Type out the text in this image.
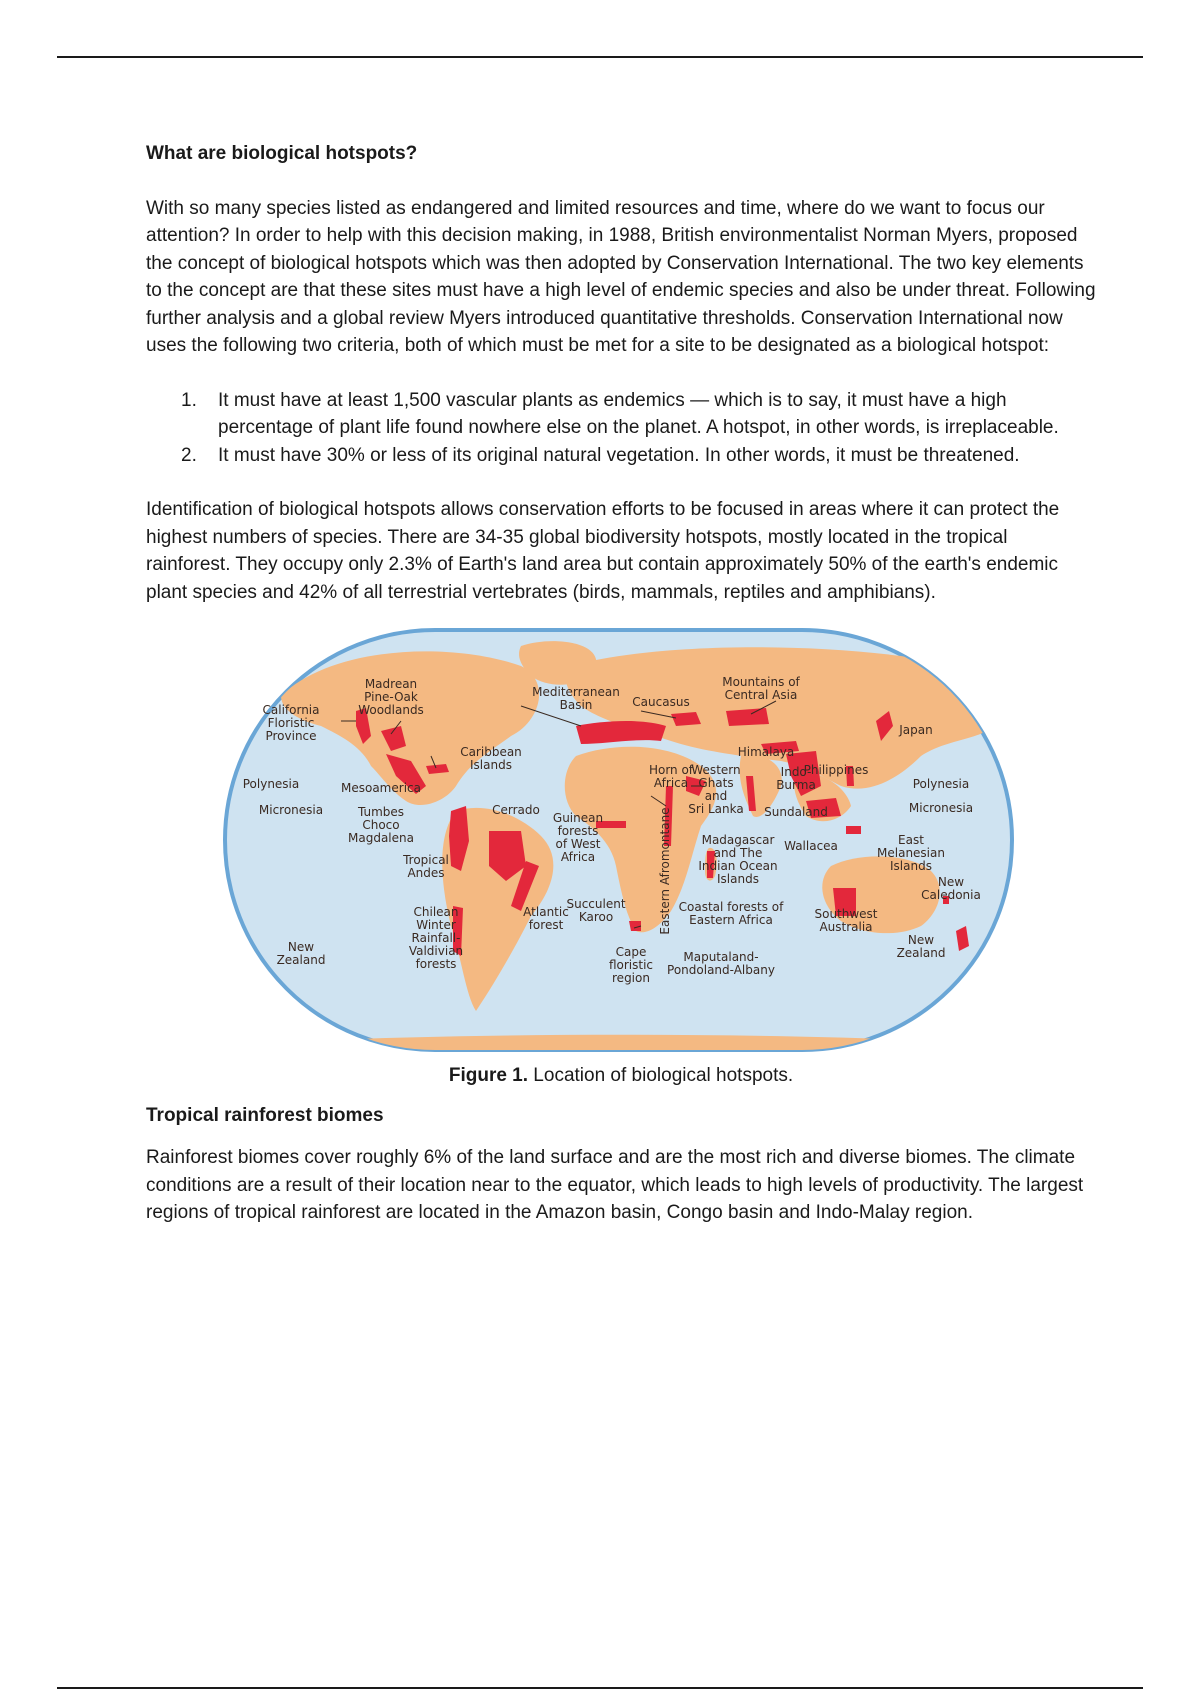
What are biological hotspots?

With so many species listed as endangered and limited resources and time, where do we want to focus our attention? In order to help with this decision making, in 1988, British environmentalist Norman Myers, proposed the concept of biological hotspots which was then adopted by Conservation International. The two key elements to the concept are that these sites must have a high level of endemic species and also be under threat. Following further analysis and a global review Myers introduced quantitative thresholds. Conservation International now uses the following two criteria, both of which must be met for a site to be designated as a biological hotspot:

1. It must have at least 1,500 vascular plants as endemics — which is to say, it must have a high percentage of plant life found nowhere else on the planet. A hotspot, in other words, is irreplaceable.
2. It must have 30% or less of its original natural vegetation. In other words, it must be threatened.

Identification of biological hotspots allows conservation efforts to be focused in areas where it can protect the highest numbers of species. There are 34-35 global biodiversity hotspots, mostly located in the tropical rainforest. They occupy only 2.3% of Earth's land area but contain approximately 50% of the earth's endemic plant species and 42% of all terrestrial vertebrates (birds, mammals, reptiles and amphibians).

California Floristic Province
Madrean Pine-Oak Woodlands
Mediterranean Basin	Caucasus
Mountains of Central Asia
Japan
Caribbean Islands
Himalaya
Horn of Africa
Western Ghats and Sri Lanka
Indo-Burma
Philippines
Sundaland
Polynesia
Micronesia
Polynesia
Micronesia
Mesoamerica
Tumbes Choco Magdalena
Cerrado
Tropical Andes
Guinean forests of West Africa	Eastern Afromontane Madagascar and The Indian Ocean Islands
Wallacea	East Melanesian Islands
New Caledonia
Chilean Winter Rainfall-Valdivian forests
Atlantic forest
Succulent Karoo
Coastal forests of Eastern Africa	Southwest Australia
New Zealand
New Zealand
Cape floristic region
Maputaland-Pondoland-Albany

Figure 1. Location of biological hotspots.

Tropical rainforest biomes

Rainforest biomes cover roughly 6% of the land surface and are the most rich and diverse biomes. The climate conditions are a result of their location near to the equator, which leads to high levels of productivity. The largest regions of tropical rainforest are located in the Amazon basin, Congo basin and Indo-Malay region.
